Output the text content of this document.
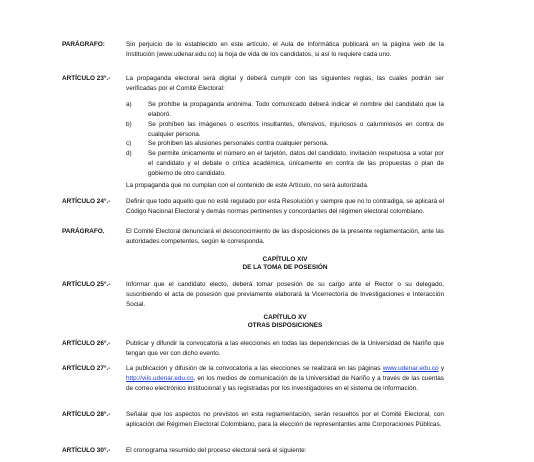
PARÁGRAFO:	Sin perjuicio de lo establecido en este artículo, el Aula de Informática publicará en la página web de la Institución (www.udenar.edu.co) la hoja de vida de los candidatos, si así lo requiere cada uno.
ARTÍCULO 23°.-	La propaganda electoral será digital y deberá cumplir con las siguientes reglas, las cuales podrán ser verificadas por el Comité Electoral:
a)	Se prohíbe la propaganda anónima. Todo comunicado deberá indicar el nombre del candidato que la elaboró.
b)	Se prohíben las imágenes o escritos insultantes, ofensivos, injuriosos o calumniosos en contra de cualquier persona.
c)	Se prohíben las alusiones personales contra cualquier persona.
d)	Se permite únicamente el número en el tarjetón, datos del candidato, invitación respetuosa a votar por el candidato y el debate o crítica académica, únicamente en contra de las propuestas o plan de gobierno de otro candidato.
La propaganda que no cumplan con el contenido de este Artículo, no será autorizada.
ARTÍCULO 24°.-	Definir que todo aquello que no esté regulado por esta Resolución y siempre que no lo contradiga, se aplicará el Código Nacional Electoral y demás normas pertinentes y concordantes del régimen electoral colombiano.
PARÁGRAFO.	El Comité Electoral denunciará el desconocimiento de las disposiciones de la presente reglamentación, ante las autoridades competentes, según le corresponda.
CAPÍTULO XIV
DE LA TOMA DE POSESIÓN
ARTÍCULO 25°.-	Informar que el candidato electo, deberá tomar posesión de su cargo ante el Rector o su delegado, suscribiendo el acta de posesión que previamente elaborará la Vicerrectoría de Investigaciones e Interacción Social.
CAPÍTULO XV
OTRAS DISPOSICIONES
ARTÍCULO 26°.-	Publicar y difundir la convocatoria a las elecciones en todas las dependencias de la Universidad de Nariño que tengan que ver con dicho evento.
ARTÍCULO 27°.-	La publicación y difusión de la convocatoria a las elecciones se realizará en las páginas www.udenar.edu.co y http://viis.udenar.edu.co, en los medios de comunicación de la Universidad de Nariño y a través de las cuentas de correo electrónico institucional y las registradas por los investigadores en el sistema de información.
ARTÍCULO 28°.-	Señalar que los aspectos no previstos en esta reglamentación, serán resueltos por el Comité Electoral, con aplicación del Régimen Electoral Colombiano, para la elección de representantes ante Corporaciones Públicas.
ARTÍCULO 30°.-	El cronograma resumido del proceso electoral será el siguiente:
